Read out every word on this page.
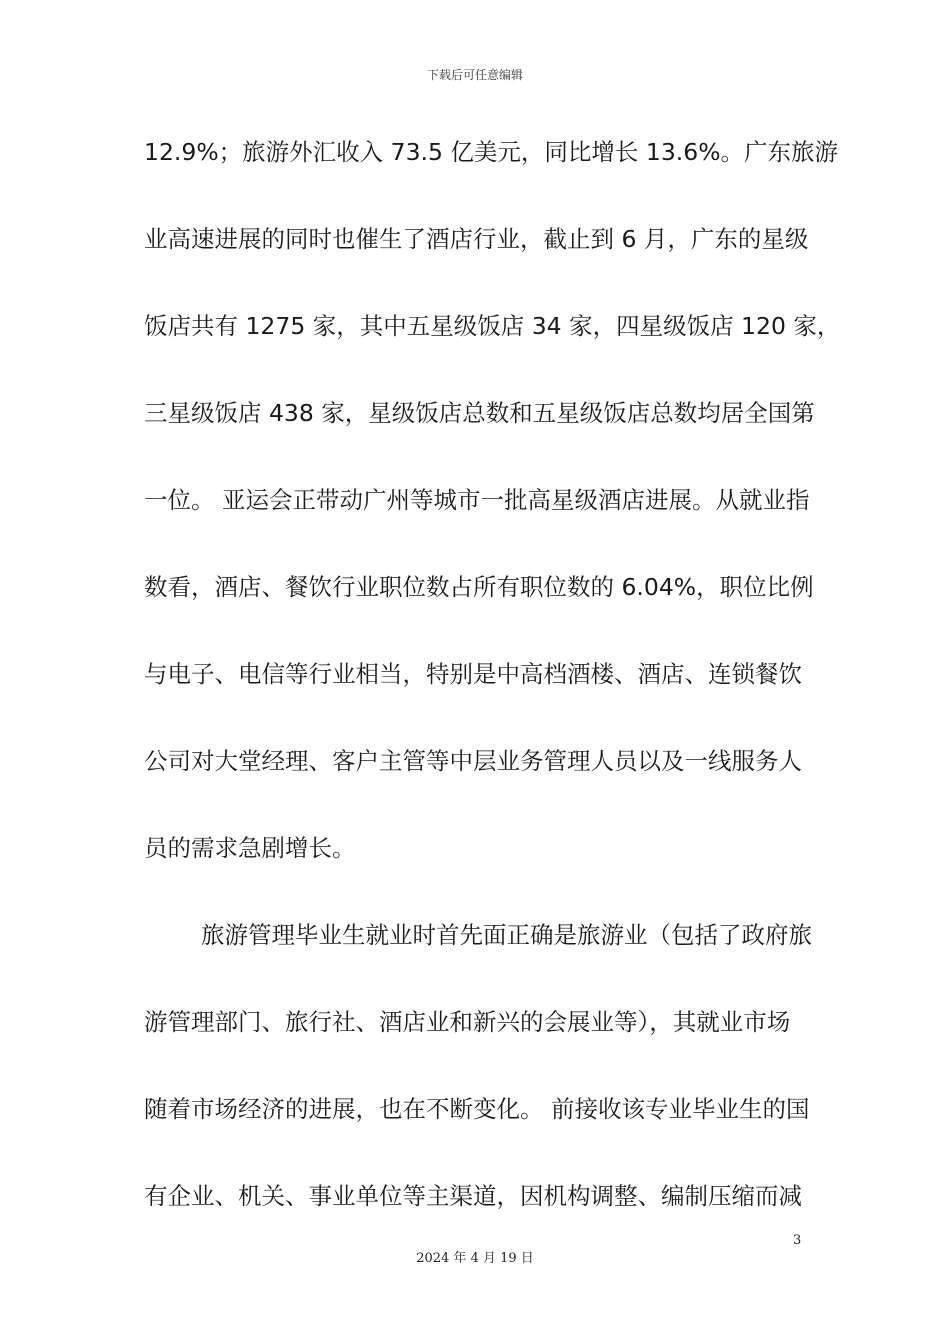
下载后可任意编辑
12.9%；旅游外汇收入 73.5 亿美元，同比增长 13.6%。广东旅游
业高速进展的同时也催生了酒店行业，截止到 6 月，广东的星级
饭店共有 1275 家，其中五星级饭店 34 家，四星级饭店 120 家，
三星级饭店 438 家，星级饭店总数和五星级饭店总数均居全国第
一位。 亚运会正带动广州等城市一批高星级酒店进展。从就业指
数看，酒店、餐饮行业职位数占所有职位数的 6.04%，职位比例
与电子、电信等行业相当，特别是中高档酒楼、酒店、连锁餐饮
公司对大堂经理、客户主管等中层业务管理人员以及一线服务人
员的需求急剧增长。
旅游管理毕业生就业时首先面正确是旅游业（包括了政府旅
游管理部门、旅行社、酒店业和新兴的会展业等），其就业市场
随着市场经济的进展，也在不断变化。 前接收该专业毕业生的国
有企业、机关、事业单位等主渠道，因机构调整、编制压缩而减
3
2024 年 4 月 19 日
